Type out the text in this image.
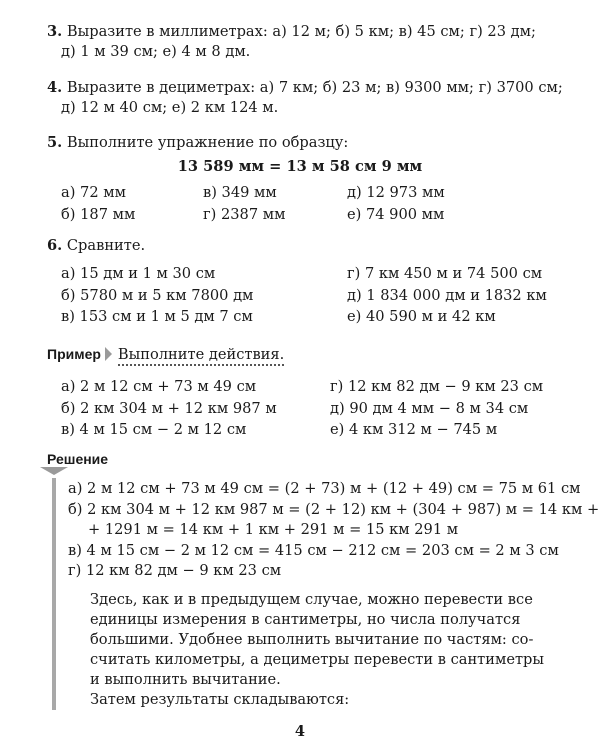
3. Выразите в миллиметрах: а) 12 м; б) 5 км; в) 45 см; г) 23 дм;
д) 1 м 39 см; е) 4 м 8 дм.
4. Выразите в дециметрах: а) 7 км; б) 23 м; в) 9300 мм; г) 3700 см;
д) 12 м 40 см; е) 2 км 124 м.
5. Выполните упражнение по образцу:
13 589 мм = 13 м 58 см 9 мм
а) 72 мм
б) 187 мм
в) 349 мм
г) 2387 мм
д) 12 973 мм
е) 74 900 мм
6. Сравните.
а) 15 дм и 1 м 30 см
б) 5780 м и 5 км 7800 дм
в) 153 см и 1 м 5 дм 7 см
г) 7 км 450 м и 74 500 см
д) 1 834 000 дм и 1832 км
е) 40 590 м и 42 км
Пример Выполните действия.
а) 2 м 12 см + 73 м 49 см
б) 2 км 304 м + 12 км 987 м
в) 4 м 15 см − 2 м 12 см
г) 12 км 82 дм − 9 км 23 см
д) 90 дм 4 мм − 8 м 34 см
е) 4 км 312 м − 745 м
Решение
а) 2 м 12 см + 73 м 49 см = (2 + 73) м + (12 + 49) см = 75 м 61 см
б) 2 км 304 м + 12 км 987 м = (2 + 12) км + (304 + 987) м = 14 км +
+ 1291 м = 14 км + 1 км + 291 м = 15 км 291 м
в) 4 м 15 см − 2 м 12 см = 415 см − 212 см = 203 см = 2 м 3 см
г) 12 км 82 дм − 9 км 23 см
Здесь, как и в предыдущем случае, можно перевести все
единицы измерения в сантиметры, но числа получатся
большими. Удобнее выполнить вычитание по частям: со-
считать километры, а дециметры перевести в сантиметры
и выполнить вычитание.
Затем результаты складываются:
4
